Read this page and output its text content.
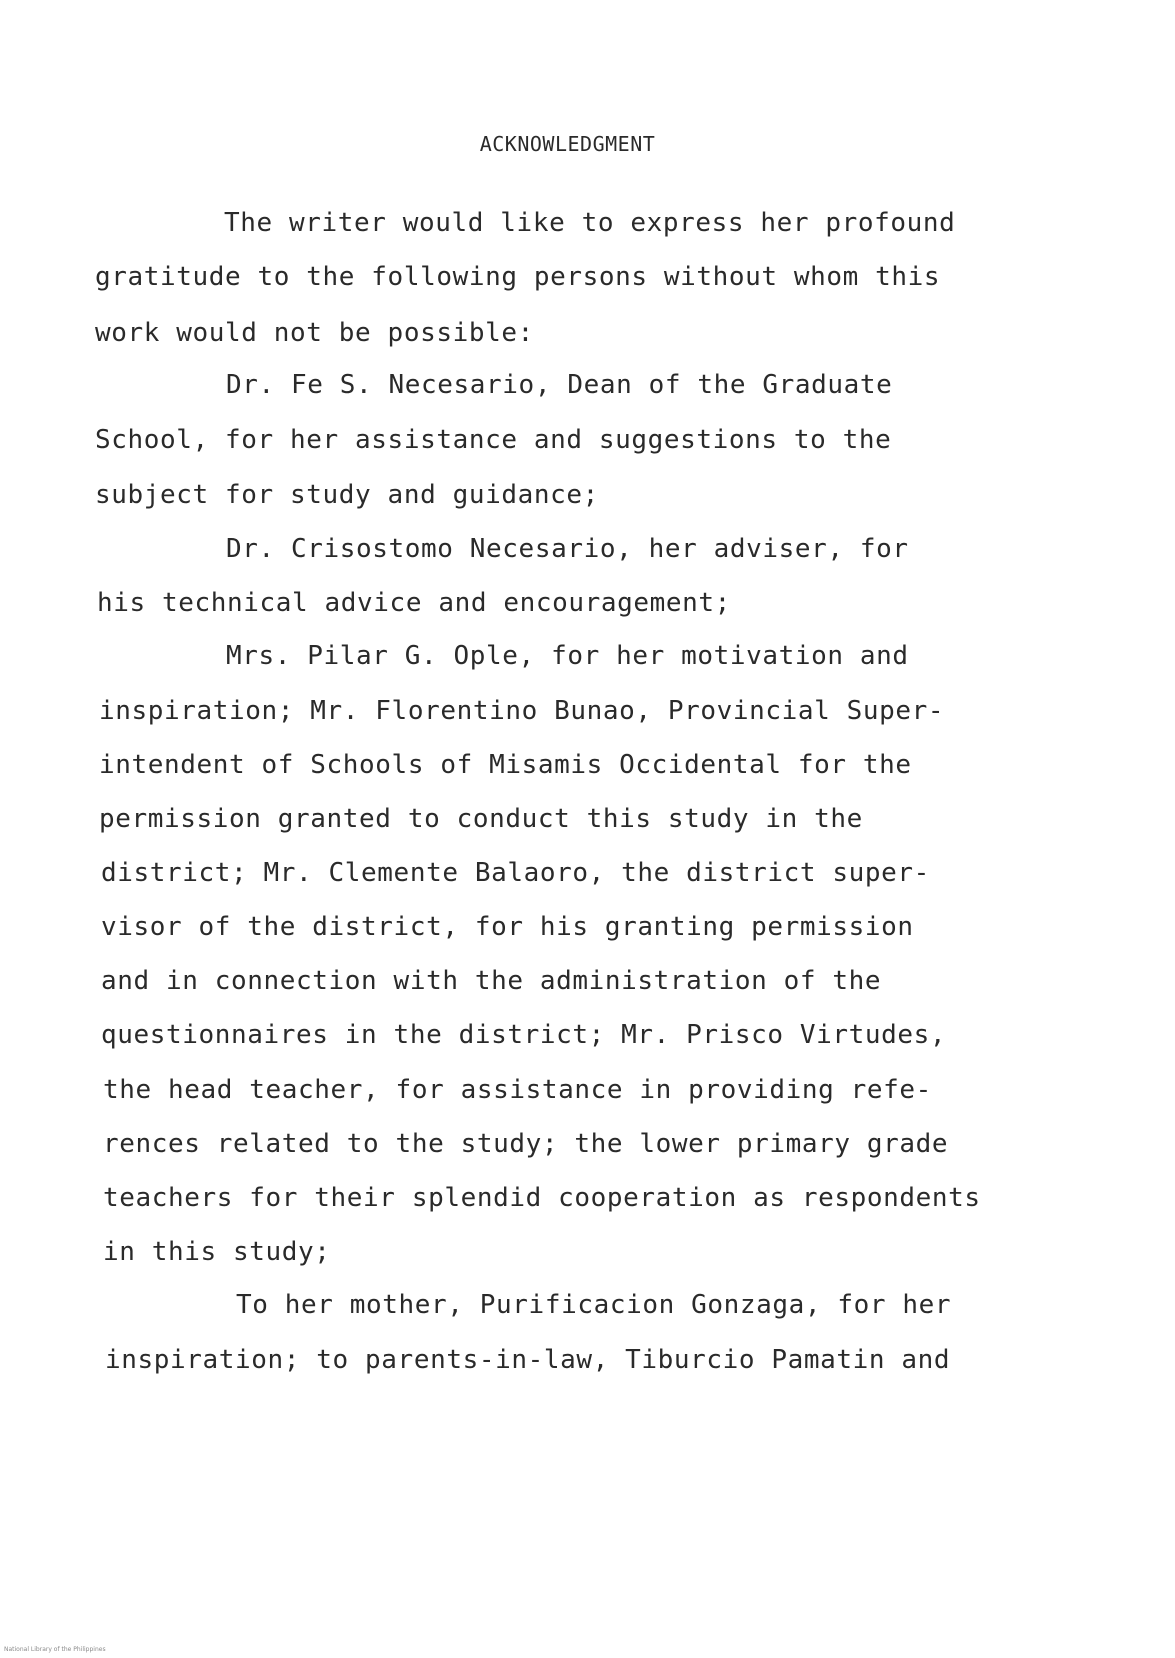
ACKNOWLEDGMENT
The writer would like to express her profound
gratitude to the following persons without whom this
work would not be possible:
Dr. Fe S. Necesario, Dean of the Graduate
School, for her assistance and suggestions to the
subject for study and guidance;
Dr. Crisostomo Necesario, her adviser, for
his technical advice and encouragement;
Mrs. Pilar G. Ople, for her motivation and
inspiration; Mr. Florentino Bunao, Provincial Super-
intendent of Schools of Misamis Occidental for the
permission granted to conduct this study in the
district; Mr. Clemente Balaoro, the district super-
visor of the district, for his granting permission
and in connection with the administration of the
questionnaires in the district; Mr. Prisco Virtudes,
the head teacher, for assistance in providing refe-
rences related to the study; the lower primary grade
teachers for their splendid cooperation as respondents
in this study;
To her mother, Purificacion Gonzaga, for her
inspiration; to parents-in-law, Tiburcio Pamatin and
National Library of the Philippines
